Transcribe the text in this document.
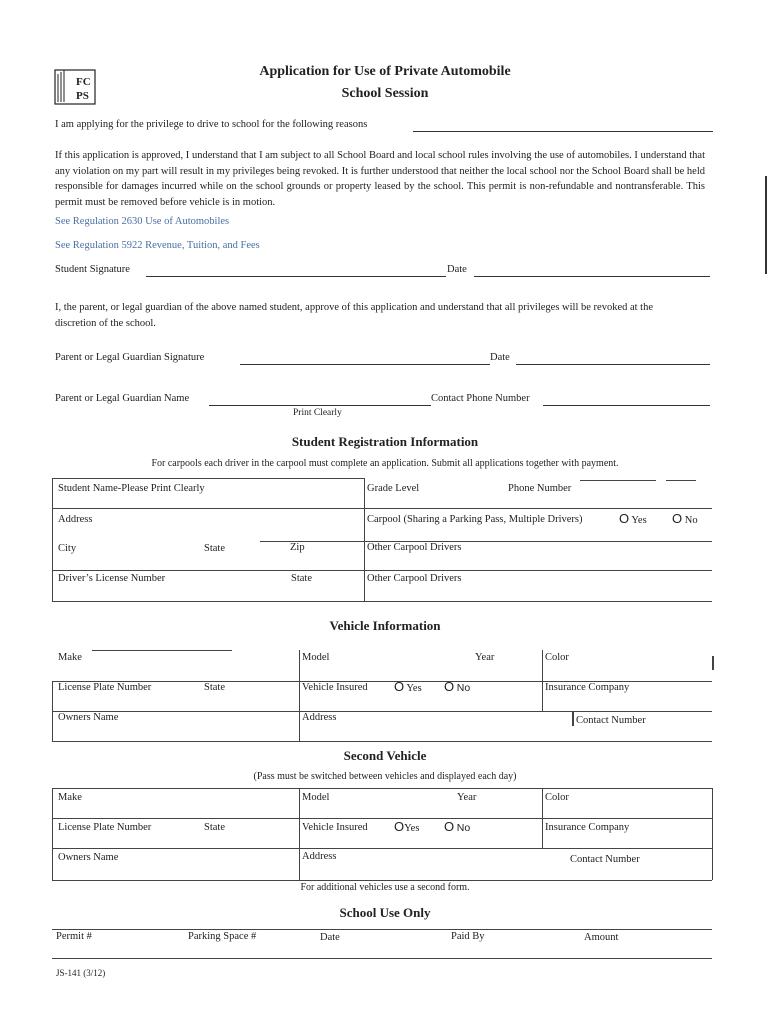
FC
PS
Application for Use of Private Automobile
School Session
I am applying for the privilege to drive to school for the following reasons
If this application is approved, I understand that I am subject to all School Board and local school rules involving the use of automobiles. I understand that any violation on my part will result in my privileges being revoked. It is further understood that neither the local school nor the School Board shall be held responsible for damages incurred while on the school grounds or property leased by the school. This permit is non-refundable and nontransferable. This permit must be removed before vehicle is in motion.
See Regulation 2630 Use of Automobiles
See Regulation 5922 Revenue, Tuition, and Fees
Student Signature	Date
I, the parent, or legal guardian of the above named student, approve of this application and understand that all privileges will be revoked at the discretion of the school.
Parent or Legal Guardian Signature	Date
Parent or Legal Guardian Name	Contact Phone Number
Print Clearly
Student Registration Information
For carpools each driver in the carpool must complete an application. Submit all applications together with payment.
Student Name-Please Print Clearly	Grade Level	Phone Number
Address	Carpool (Sharing a Parking Pass, Multiple Drivers)	O Yes O No
City	State	Zip	Other Carpool Drivers
Driver’s License Number	State	Other Carpool Drivers
Vehicle Information
Make	Model	Year	Color
License Plate Number	State	Vehicle Insured O Yes O No	Insurance Company
Owners Name	Address	Contact Number
Second Vehicle
(Pass must be switched between vehicles and displayed each day)
Make	Model	Year	Color
License Plate Number	State	Vehicle Insured OYes O No	Insurance Company
Owners Name	Address	Contact Number
For additional vehicles use a second form.
School Use Only
Permit #	Parking Space #	Date	Paid By	Amount
JS-141 (3/12)
